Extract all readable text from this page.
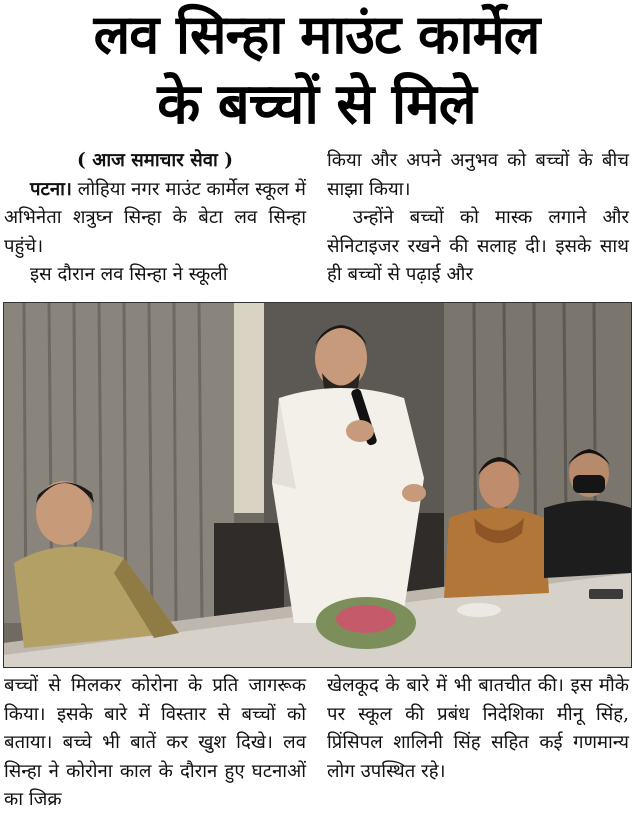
लव सिन्हा माउंट कार्मेल
के बच्चों से मिले

( आज समाचार सेवा )

पटना। लोहिया नगर माउंट कार्मेल स्कूल में अभिनेता शत्रुघ्न सिन्हा के बेटा लव सिन्हा पहुंचे।

इस दौरान लव सिन्हा ने स्कूली

किया और अपने अनुभव को बच्चों के बीच साझा किया।

उन्होंने बच्चों को मास्क लगाने और सेनिटाइजर रखने की सलाह दी। इसके साथ ही बच्चों से पढ़ाई और

बच्चों से मिलकर कोरोना के प्रति जागरूक किया। इसके बारे में विस्तार से बच्चों को बताया। बच्चे भी बातें कर खुश दिखे। लव सिन्हा ने कोरोना काल के दौरान हुए घटनाओं का जिक्र

खेलकूद के बारे में भी बातचीत की। इस मौके पर स्कूल की प्रबंध निदेशिका मीनू सिंह, प्रिंसिपल शालिनी सिंह सहित कई गणमान्य लोग उपस्थित रहे।
